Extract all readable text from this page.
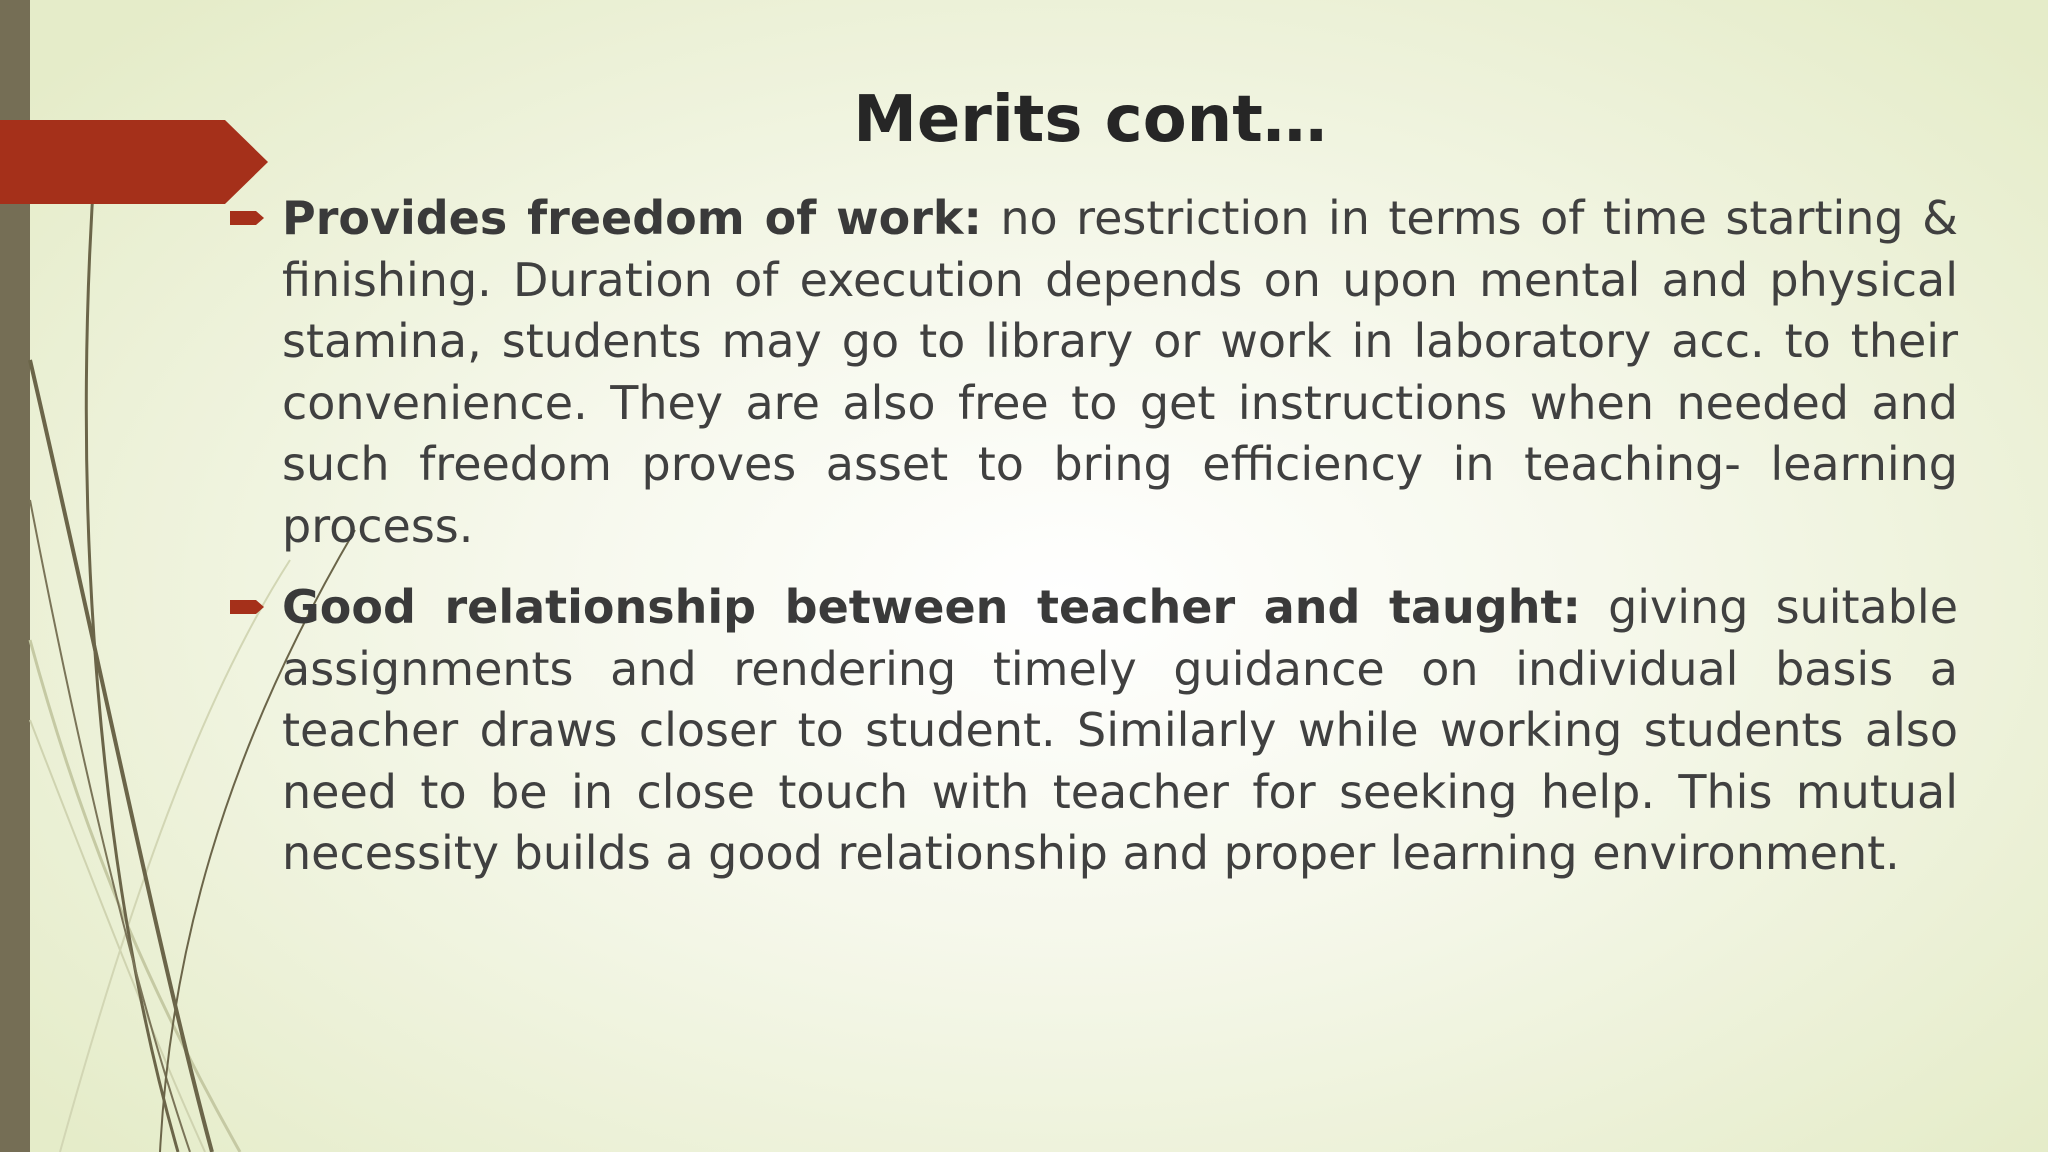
Merits cont…
Provides freedom of work: no restriction in terms of time starting & finishing. Duration of execution depends on upon mental and physical stamina, students may go to library or work in laboratory acc. to their convenience. They are also free to get instructions when needed and such freedom proves asset to bring efficiency in teaching- learning process.
Good relationship between teacher and taught: giving suitable assignments and rendering timely guidance on individual basis a teacher draws closer to student. Similarly while working students also need to be in close touch with teacher for seeking help. This mutual necessity builds a good relationship and proper learning environment.
